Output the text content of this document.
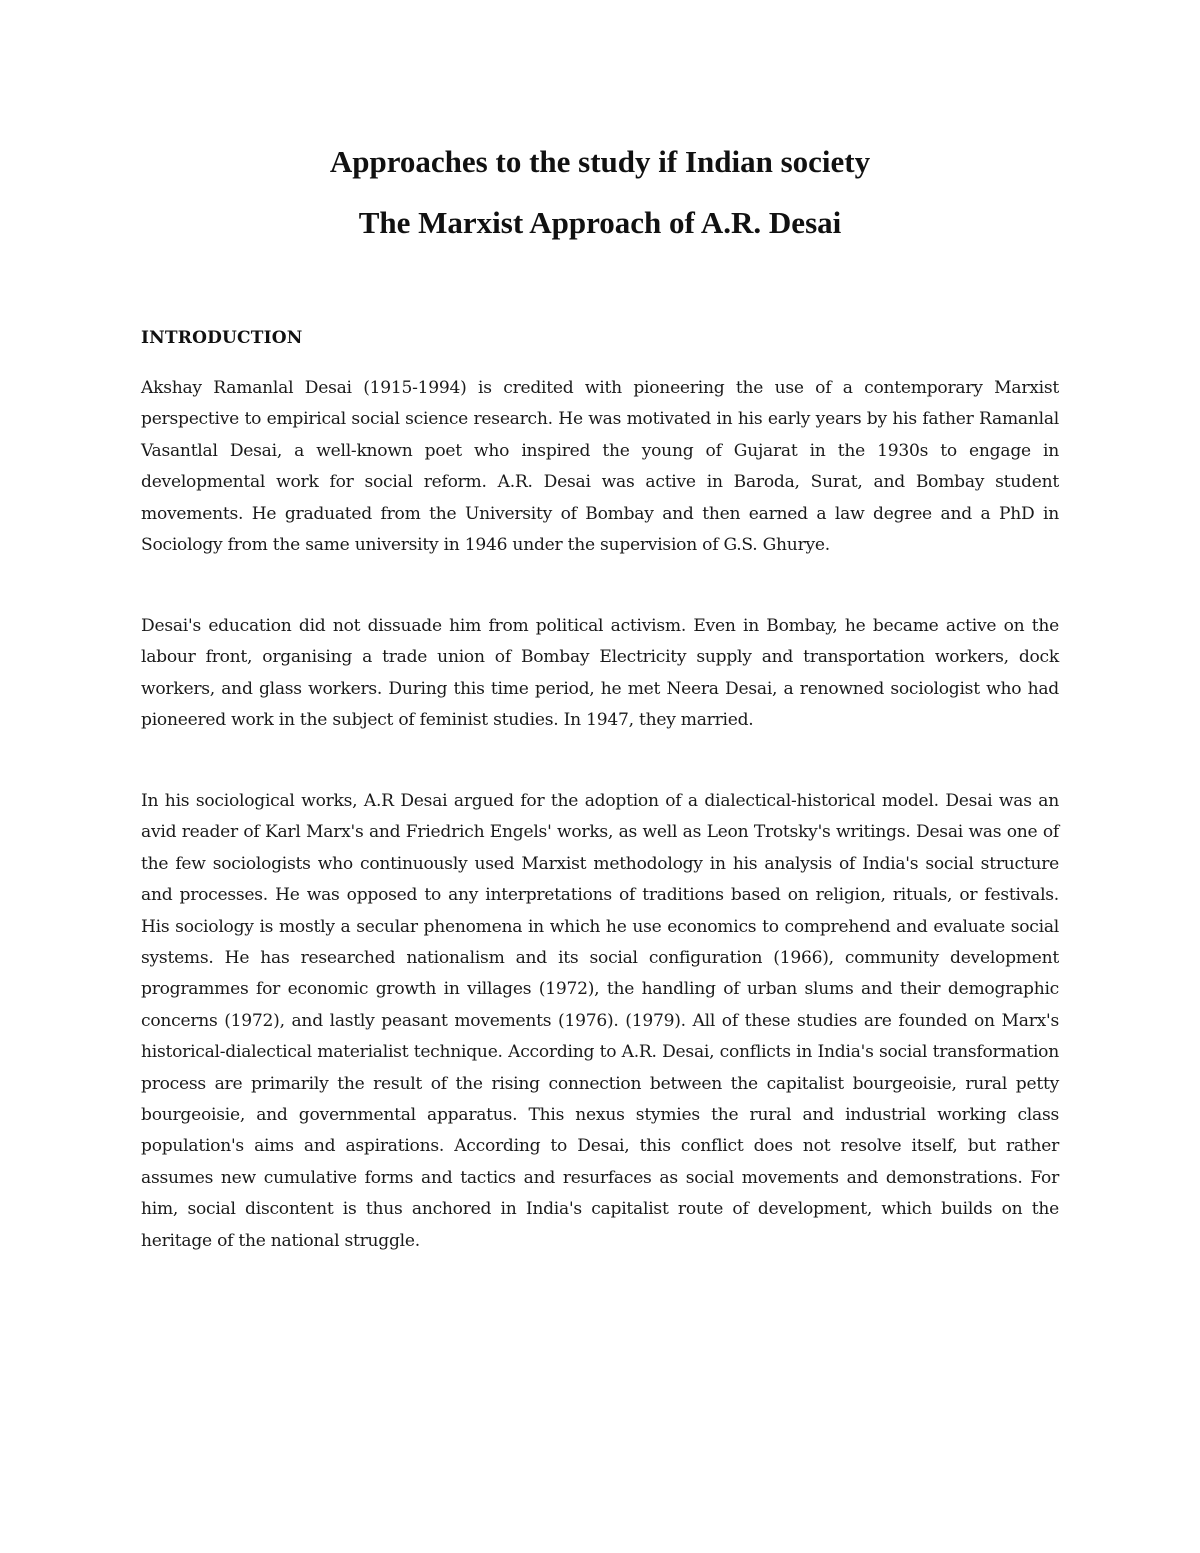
Approaches to the study if Indian society
The Marxist Approach of A.R. Desai
INTRODUCTION

Akshay Ramanlal Desai (1915-1994) is credited with pioneering the use of a contemporary Marxist perspective to empirical social science research. He was motivated in his early years by his father Ramanlal Vasantlal Desai, a well-known poet who inspired the young of Gujarat in the 1930s to engage in developmental work for social reform. A.R. Desai was active in Baroda, Surat, and Bombay student movements. He graduated from the University of Bombay and then earned a law degree and a PhD in Sociology from the same university in 1946 under the supervision of G.S. Ghurye.

Desai's education did not dissuade him from political activism. Even in Bombay, he became active on the labour front, organising a trade union of Bombay Electricity supply and transportation workers, dock workers, and glass workers. During this time period, he met Neera Desai, a renowned sociologist who had pioneered work in the subject of feminist studies. In 1947, they married.

In his sociological works, A.R Desai argued for the adoption of a dialectical-historical model. Desai was an avid reader of Karl Marx's and Friedrich Engels' works, as well as Leon Trotsky's writings. Desai was one of the few sociologists who continuously used Marxist methodology in his analysis of India's social structure and processes. He was opposed to any interpretations of traditions based on religion, rituals, or festivals. His sociology is mostly a secular phenomena in which he use economics to comprehend and evaluate social systems. He has researched nationalism and its social configuration (1966), community development programmes for economic growth in villages (1972), the handling of urban slums and their demographic concerns (1972), and lastly peasant movements (1976). (1979). All of these studies are founded on Marx's historical-dialectical materialist technique. According to A.R. Desai, conflicts in India's social transformation process are primarily the result of the rising connection between the capitalist bourgeoisie, rural petty bourgeoisie, and governmental apparatus. This nexus stymies the rural and industrial working class population's aims and aspirations. According to Desai, this conflict does not resolve itself, but rather assumes new cumulative forms and tactics and resurfaces as social movements and demonstrations. For him, social discontent is thus anchored in India's capitalist route of development, which builds on the heritage of the national struggle.
